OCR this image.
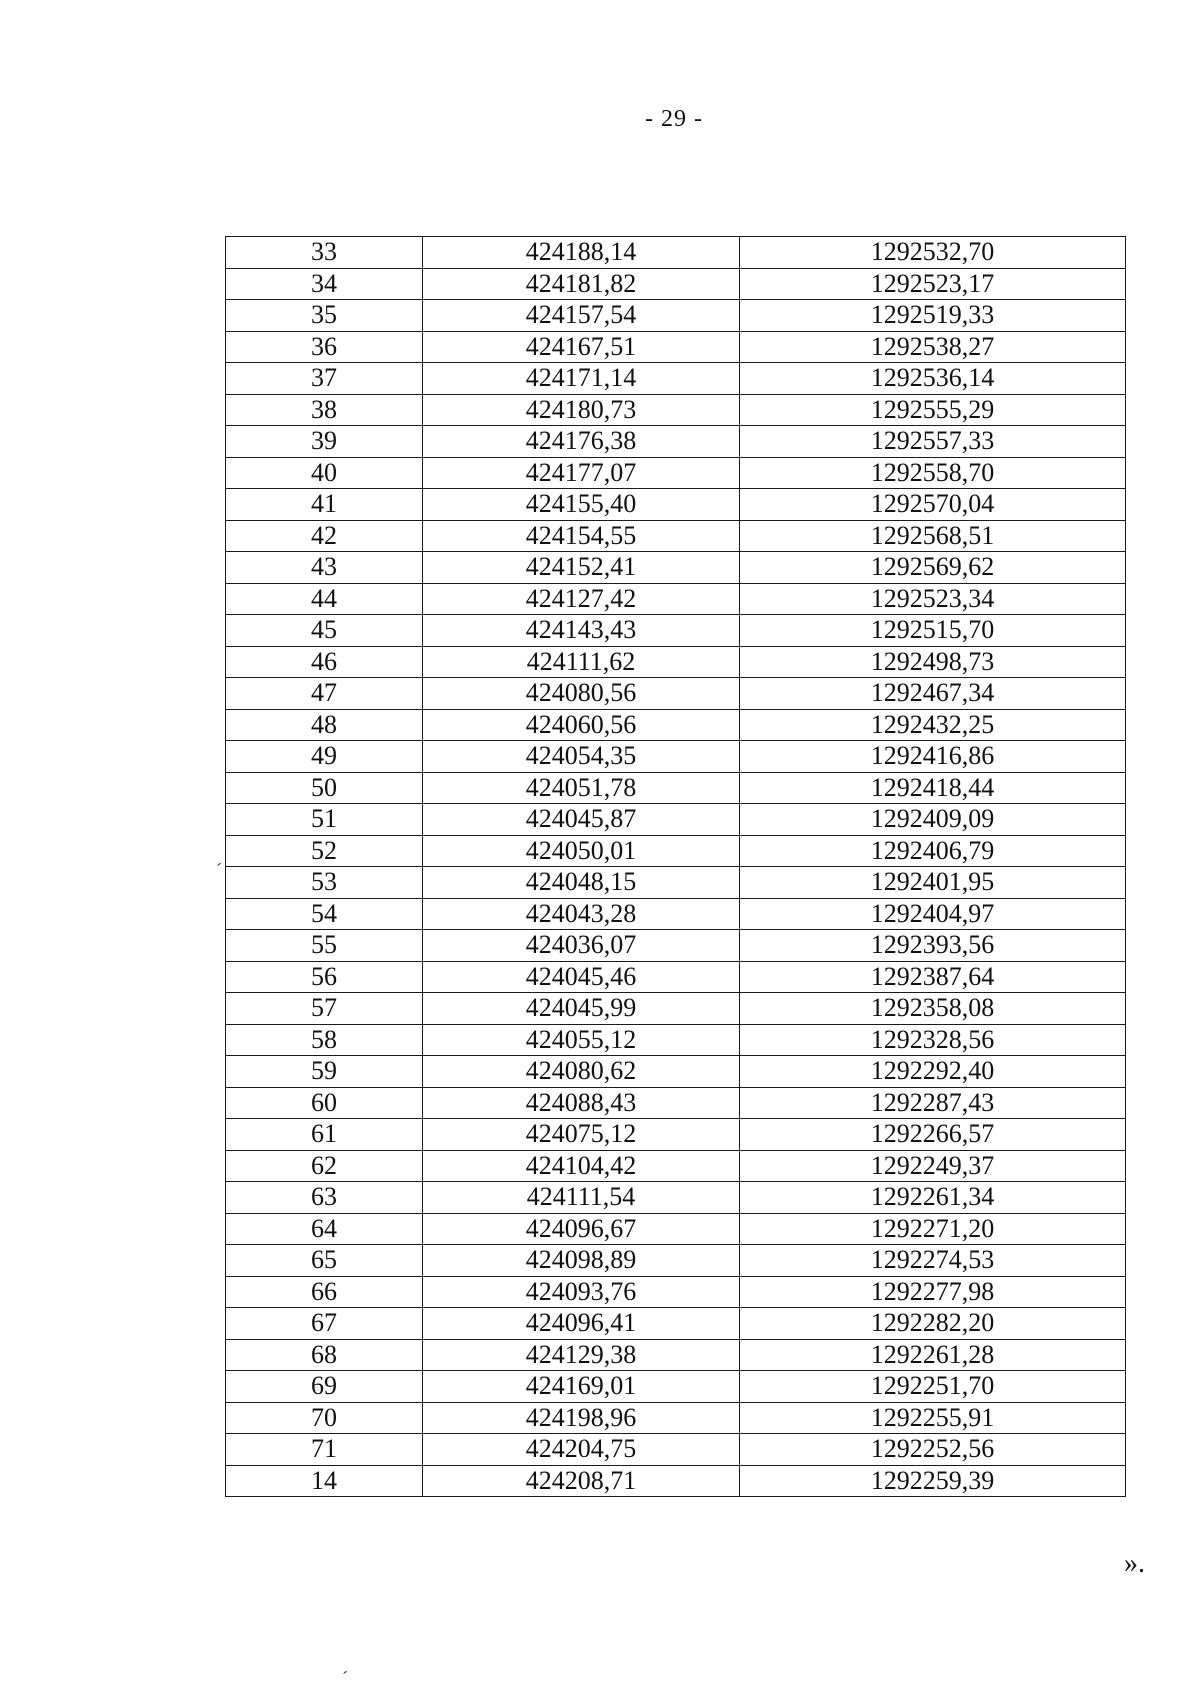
- 29 -
33	424188,14	1292532,70
34	424181,82	1292523,17
35	424157,54	1292519,33
36	424167,51	1292538,27
37	424171,14	1292536,14
38	424180,73	1292555,29
39	424176,38	1292557,33
40	424177,07	1292558,70
41	424155,40	1292570,04
42	424154,55	1292568,51
43	424152,41	1292569,62
44	424127,42	1292523,34
45	424143,43	1292515,70
46	424111,62	1292498,73
47	424080,56	1292467,34
48	424060,56	1292432,25
49	424054,35	1292416,86
50	424051,78	1292418,44
51	424045,87	1292409,09
52	424050,01	1292406,79
53	424048,15	1292401,95
54	424043,28	1292404,97
55	424036,07	1292393,56
56	424045,46	1292387,64
57	424045,99	1292358,08
58	424055,12	1292328,56
59	424080,62	1292292,40
60	424088,43	1292287,43
61	424075,12	1292266,57
62	424104,42	1292249,37
63	424111,54	1292261,34
64	424096,67	1292271,20
65	424098,89	1292274,53
66	424093,76	1292277,98
67	424096,41	1292282,20
68	424129,38	1292261,28
69	424169,01	1292251,70
70	424198,96	1292255,91
71	424204,75	1292252,56
14	424208,71	1292259,39
».
´
´
